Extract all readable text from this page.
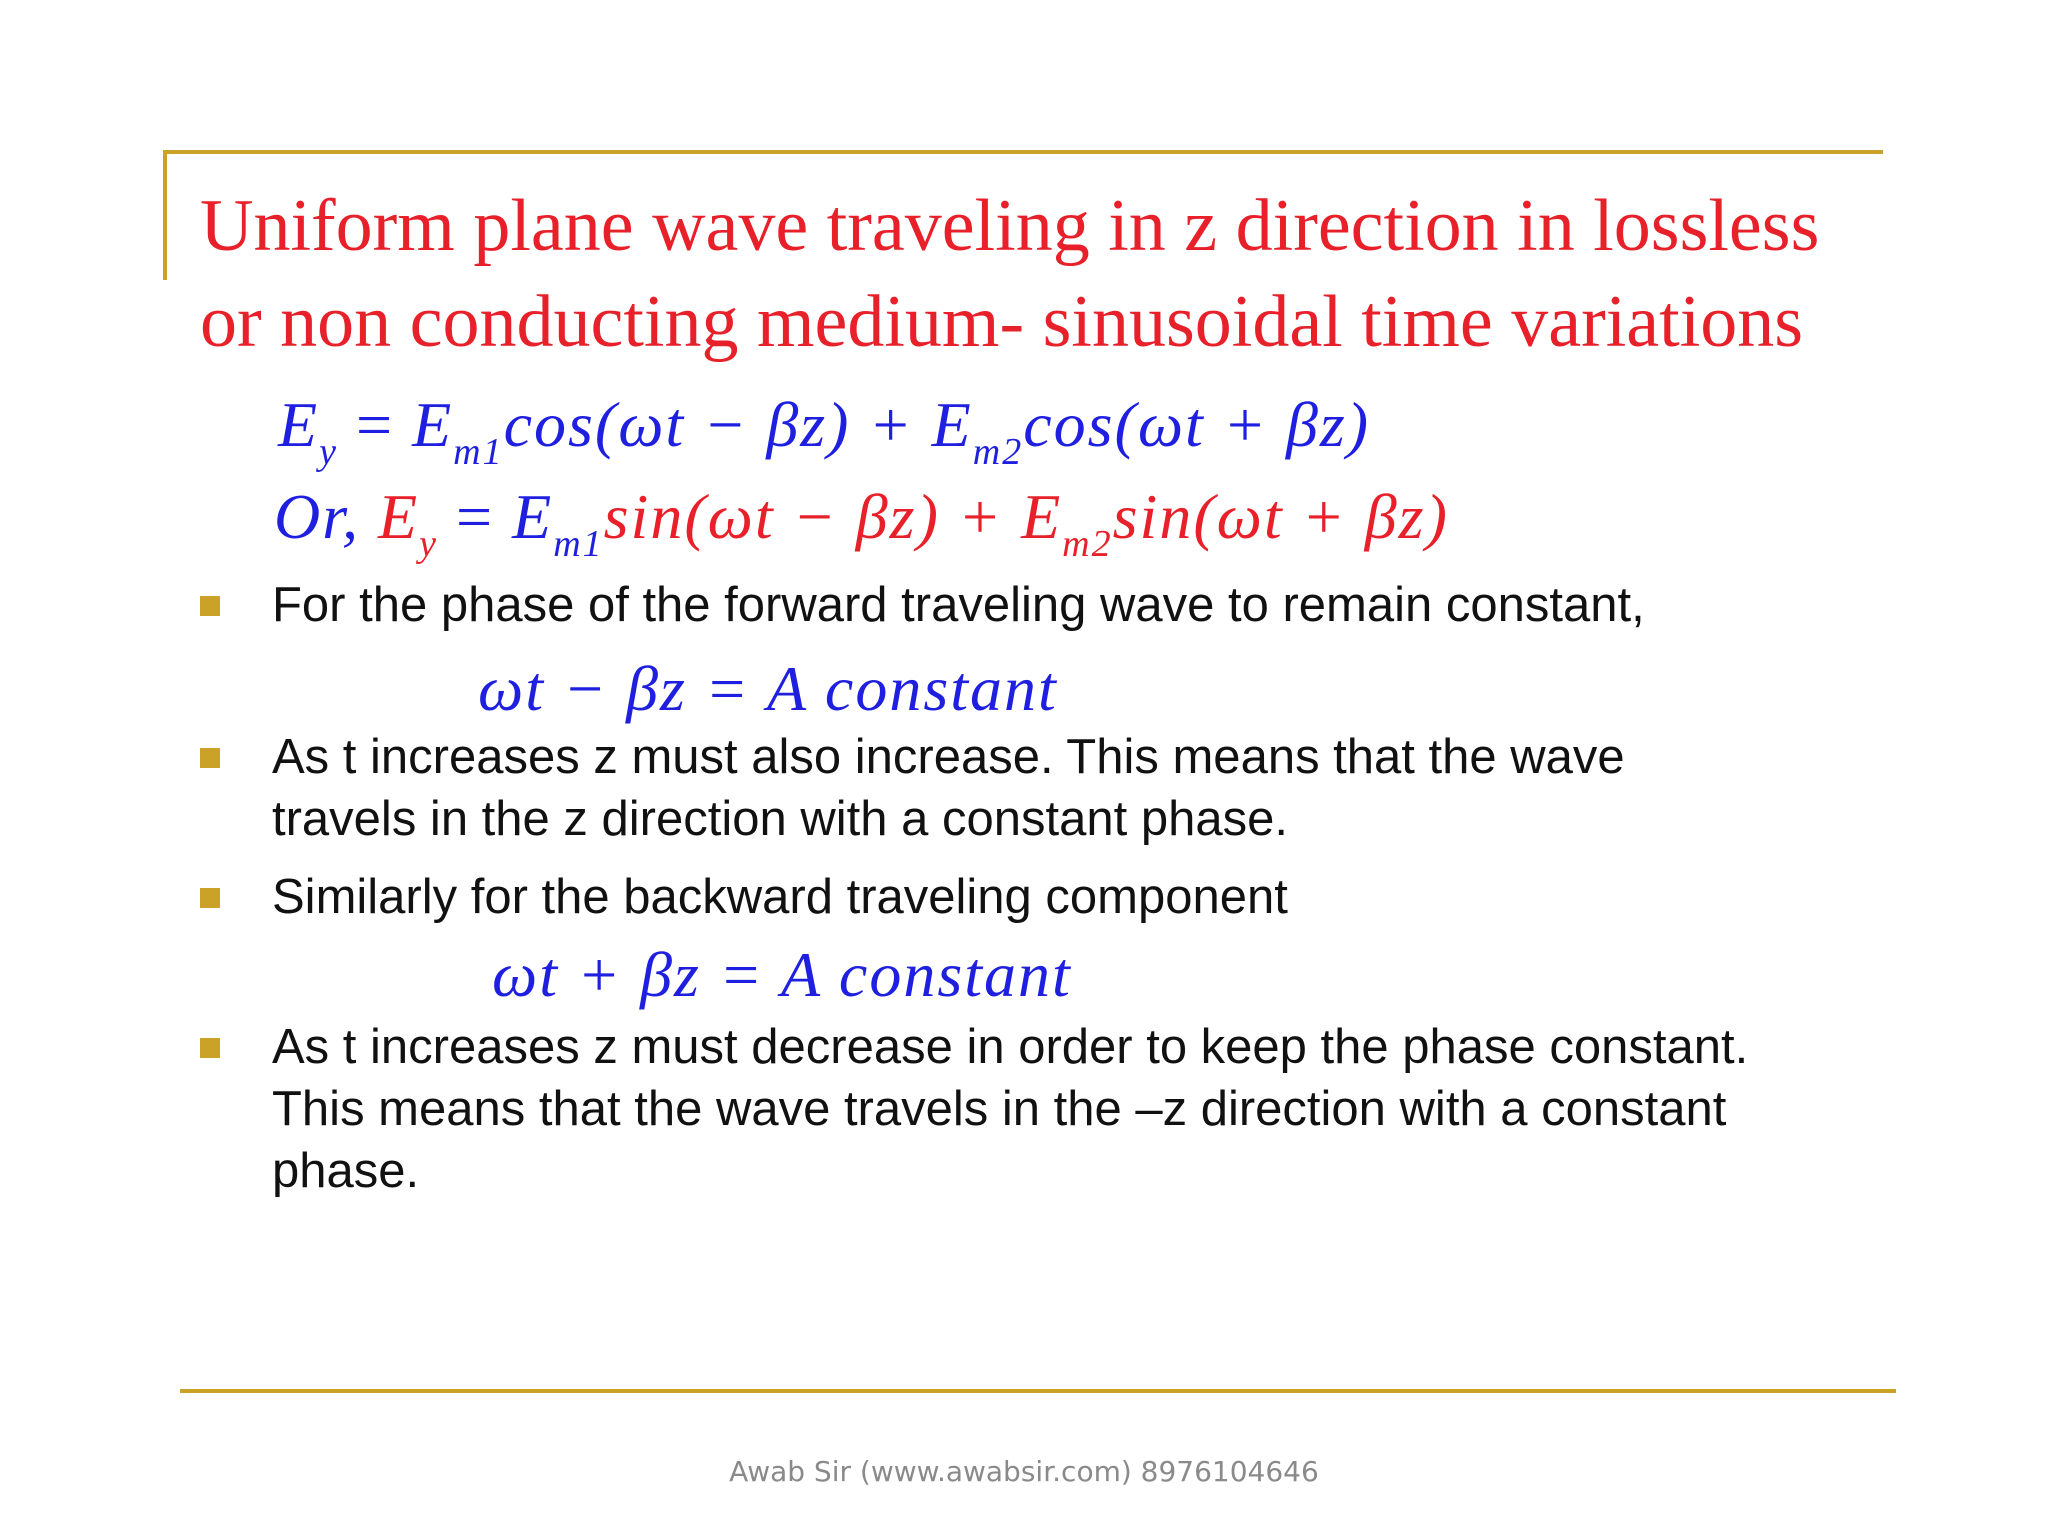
Uniform plane wave traveling in z direction in lossless
or non conducting medium- sinusoidal time variations
$E_y = E_{m1}\cos(\omega t - \beta z) + E_{m2}\cos(\omega t + \beta z)$
Or, $E_y = E_{m1}\sin(\omega t - \beta z) + E_{m2}\sin(\omega t + \beta z)$
For the phase of the forward traveling wave to remain constant,
ωt − βz = A constant
As t increases z must also increase. This means that the wave
travels in the z direction with a constant phase.
Similarly for the backward traveling component
ωt + βz = A constant
As t increases z must decrease in order to keep the phase constant.
This means that the wave travels in the –z direction with a constant
phase.
Awab Sir (www.awabsir.com) 8976104646
